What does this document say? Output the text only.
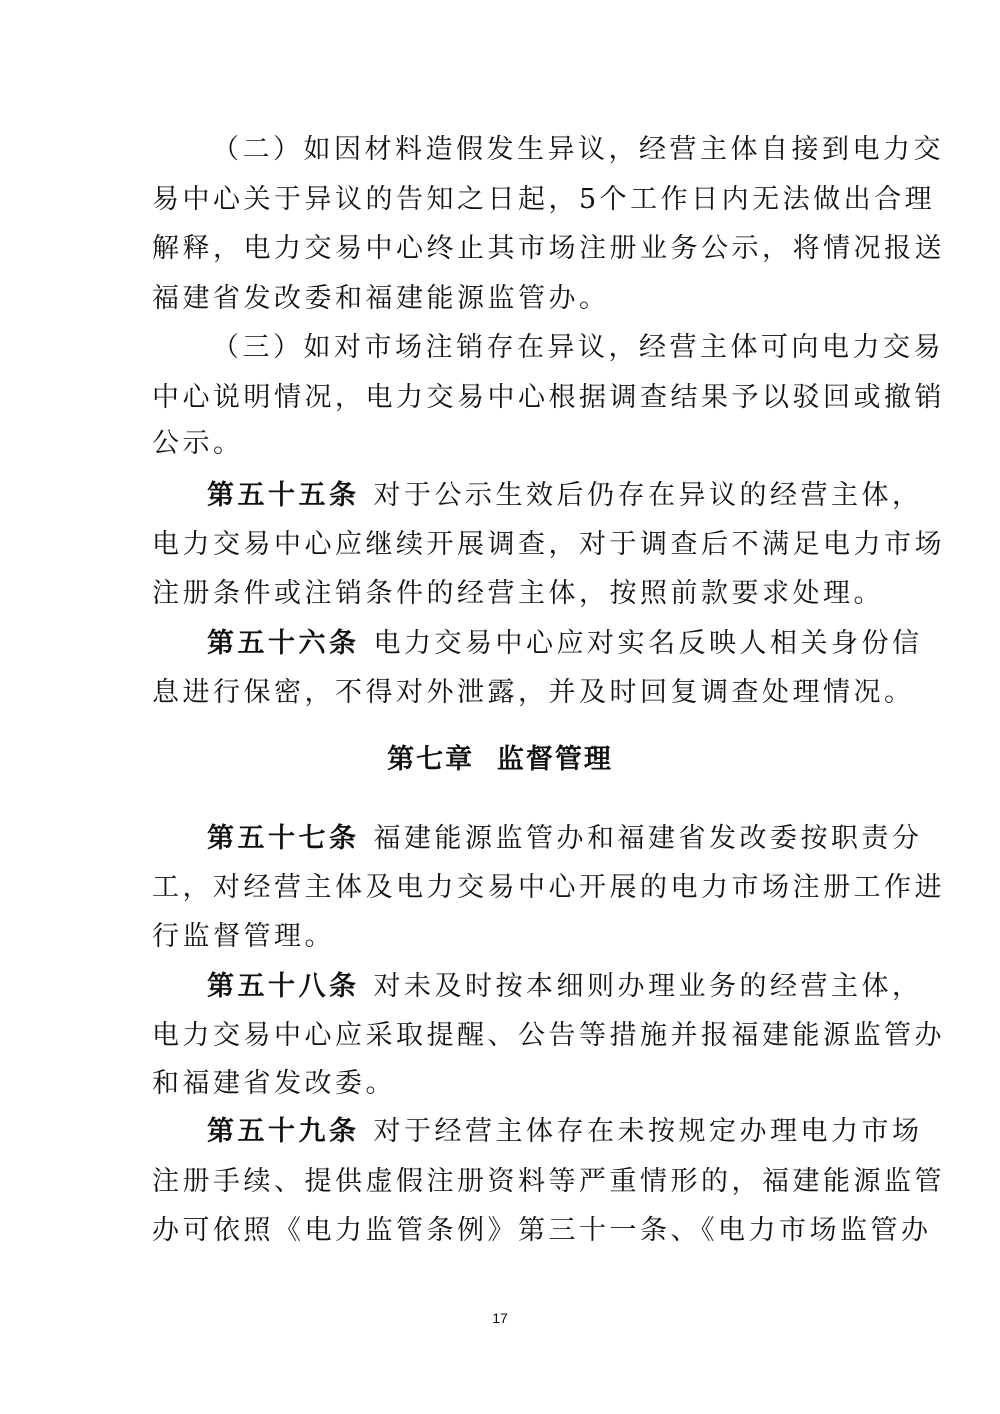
（二）如因材料造假发生异议，经营主体自接到电力交
易中心关于异议的告知之日起，5个工作日内无法做出合理
解释，电力交易中心终止其市场注册业务公示，将情况报送
福建省发改委和福建能源监管办。
（三）如对市场注销存在异议，经营主体可向电力交易
中心说明情况，电力交易中心根据调查结果予以驳回或撤销
公示。
第五十五条 对于公示生效后仍存在异议的经营主体，
电力交易中心应继续开展调查，对于调查后不满足电力市场
注册条件或注销条件的经营主体，按照前款要求处理。
第五十六条 电力交易中心应对实名反映人相关身份信
息进行保密，不得对外泄露，并及时回复调查处理情况。
第七章  监督管理
第五十七条 福建能源监管办和福建省发改委按职责分
工，对经营主体及电力交易中心开展的电力市场注册工作进
行监督管理。
第五十八条 对未及时按本细则办理业务的经营主体，
电力交易中心应采取提醒、公告等措施并报福建能源监管办
和福建省发改委。
第五十九条 对于经营主体存在未按规定办理电力市场
注册手续、提供虚假注册资料等严重情形的，福建能源监管
办可依照《电力监管条例》第三十一条、《电力市场监管办
17
